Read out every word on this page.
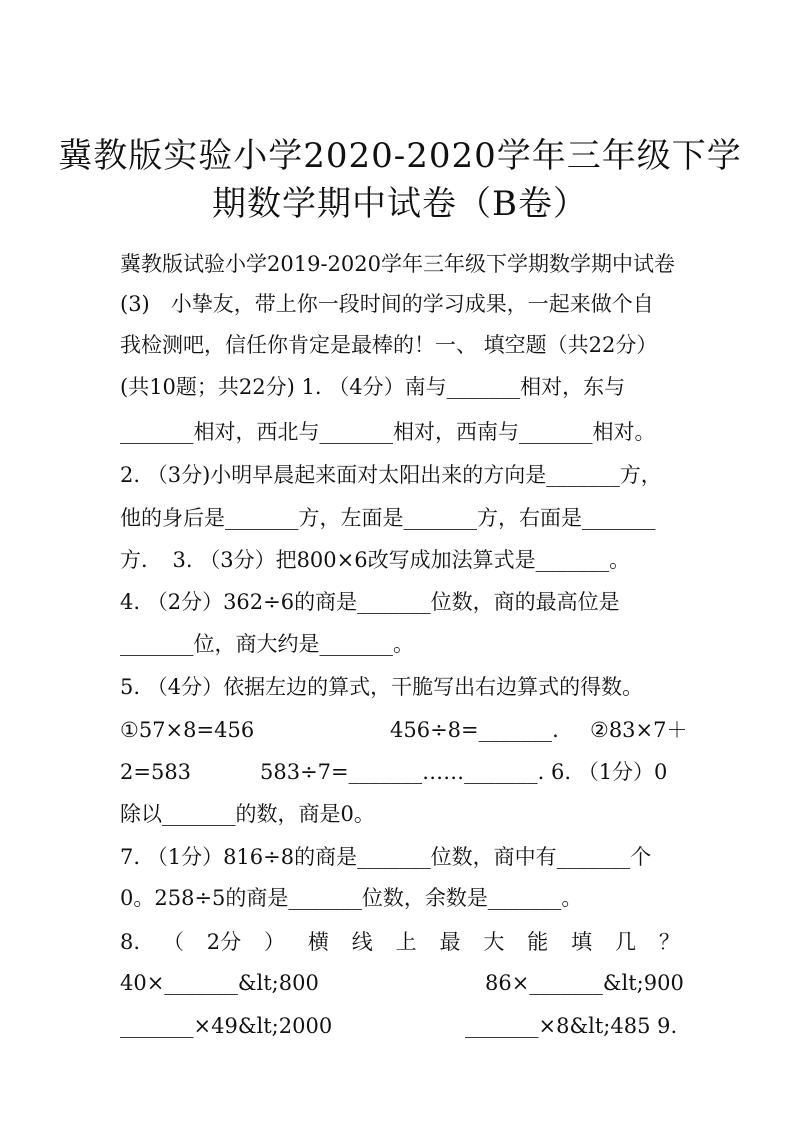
冀教版实验小学2020-2020学年三年级下学
期数学期中试卷（B卷）
冀教版试验小学2019-2020学年三年级下学期数学期中试卷
(3)　小挚友，带上你一段时间的学习成果，一起来做个自
我检测吧，信任你肯定是最棒的！一、 填空题（共22分）
(共10题；共22分) 1. （4分）南与_______相对，东与
_______相对，西北与_______相对，西南与_______相对。
2. （3分)小明早晨起来面对太阳出来的方向是_______方，
他的身后是_______方，左面是_______方，右面是_______
方．　3. （3分）把800×6改写成加法算式是_______。
4. （2分）362÷6的商是_______位数，商的最高位是
_______位，商大约是_______。
5. （4分）依据左边的算式，干脆写出右边算式的得数。
①57×8=456	456÷8=_______. ②83×7＋
2=583	583÷7=_______……_______. 6. （1分）0
除以_______的数，商是0。
7. （1分）816÷8的商是_______位数，商中有_______个
0。258÷5的商是_______位数，余数是_______。
8. （ 2分 ） 横 线 上 最 大 能 填 几 ？
40×_______&lt;800	86×_______&lt;900
_______×49&lt;2000	_______×8&lt;485 9.
